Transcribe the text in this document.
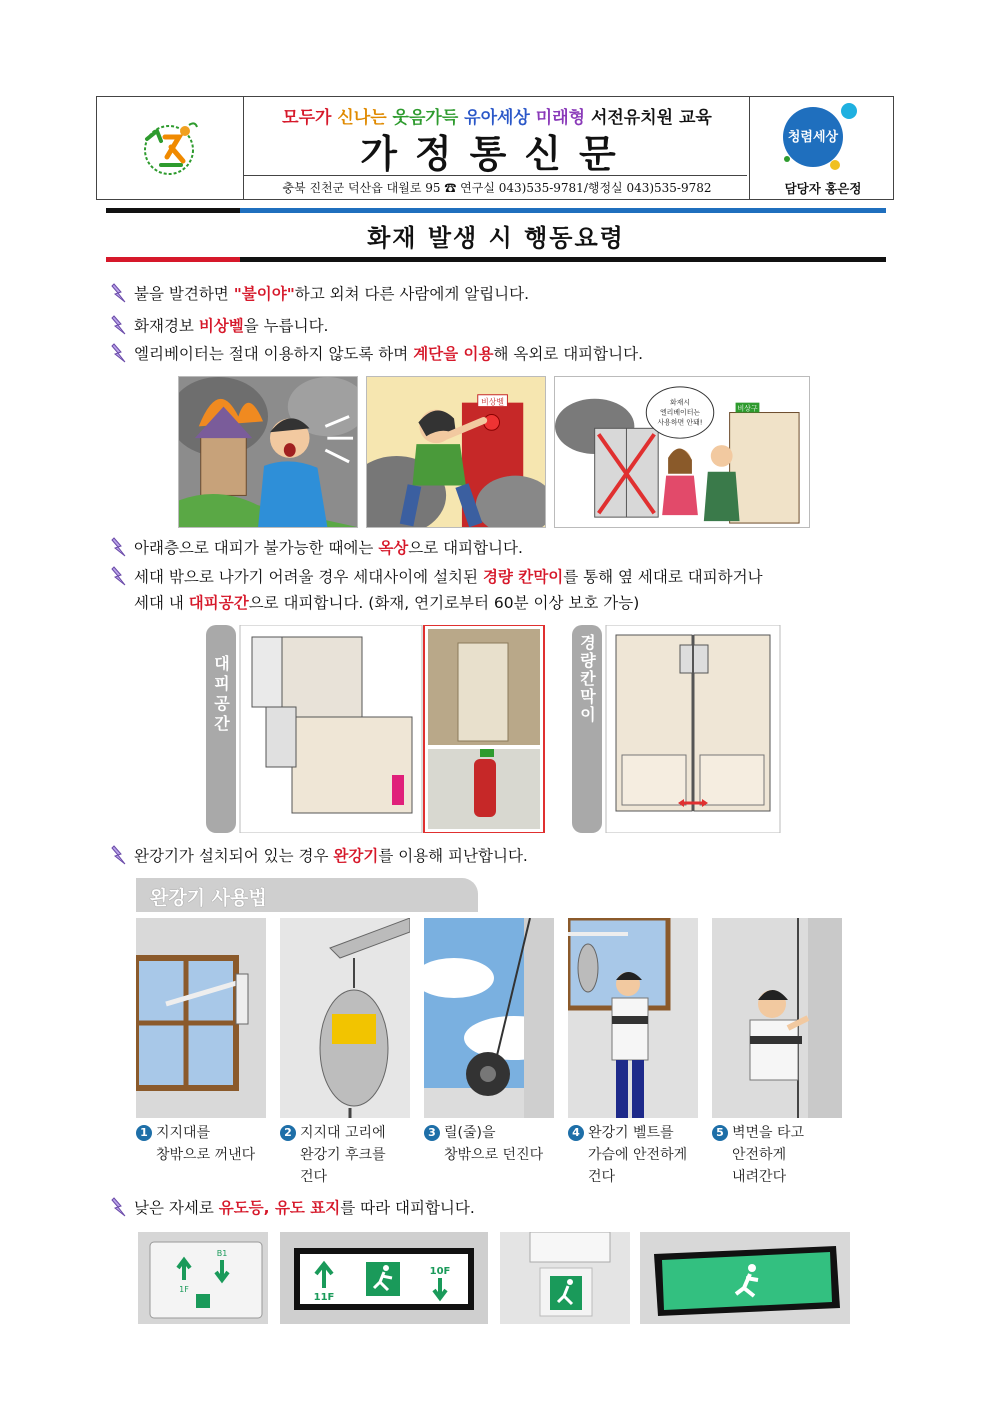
모두가 신나는 웃음가득 유아세상 미래형 서전유치원 교육
가정통신문
충북 진천군 덕산읍 대월로 95 ☎ 연구실 043)535-9781/행정실 043)535-9782	담당자 홍은정
청렴세상
화재 발생 시 행동요령
불을 발견하면 "불이야"하고 외쳐 다른 사람에게 알립니다.
화재경보 비상벨을 누릅니다.
엘리베이터는 절대 이용하지 않도록 하며 계단을 이용해 옥외로 대피합니다.
비상벨	화재시
엘리베이터는
사용하면 안돼!
비상구
아래층으로 대피가 불가능한 때에는 옥상으로 대피합니다.
세대 밖으로 나가기 어려울 경우 세대사이에 설치된 경량 칸막이를 통해 옆 세대로 대피하거나
세대 내 대피공간으로 대피합니다. (화재, 연기로부터 60분 이상 보호 가능)
대피공간	경량칸막이
완강기가 설치되어 있는 경우 완강기를 이용해 피난합니다.
완강기 사용법
1 지지대를
창밖으로 꺼낸다
2 지지대 고리에
완강기 후크를
건다
3 릴(줄)을
창밖으로 던진다
4 완강기 벨트를
가슴에 안전하게
건다
5 벽면을 타고
안전하게
내려간다
낮은 자세로 유도등, 유도 표지를 따라 대피합니다.
1F
B1
11F
10F
